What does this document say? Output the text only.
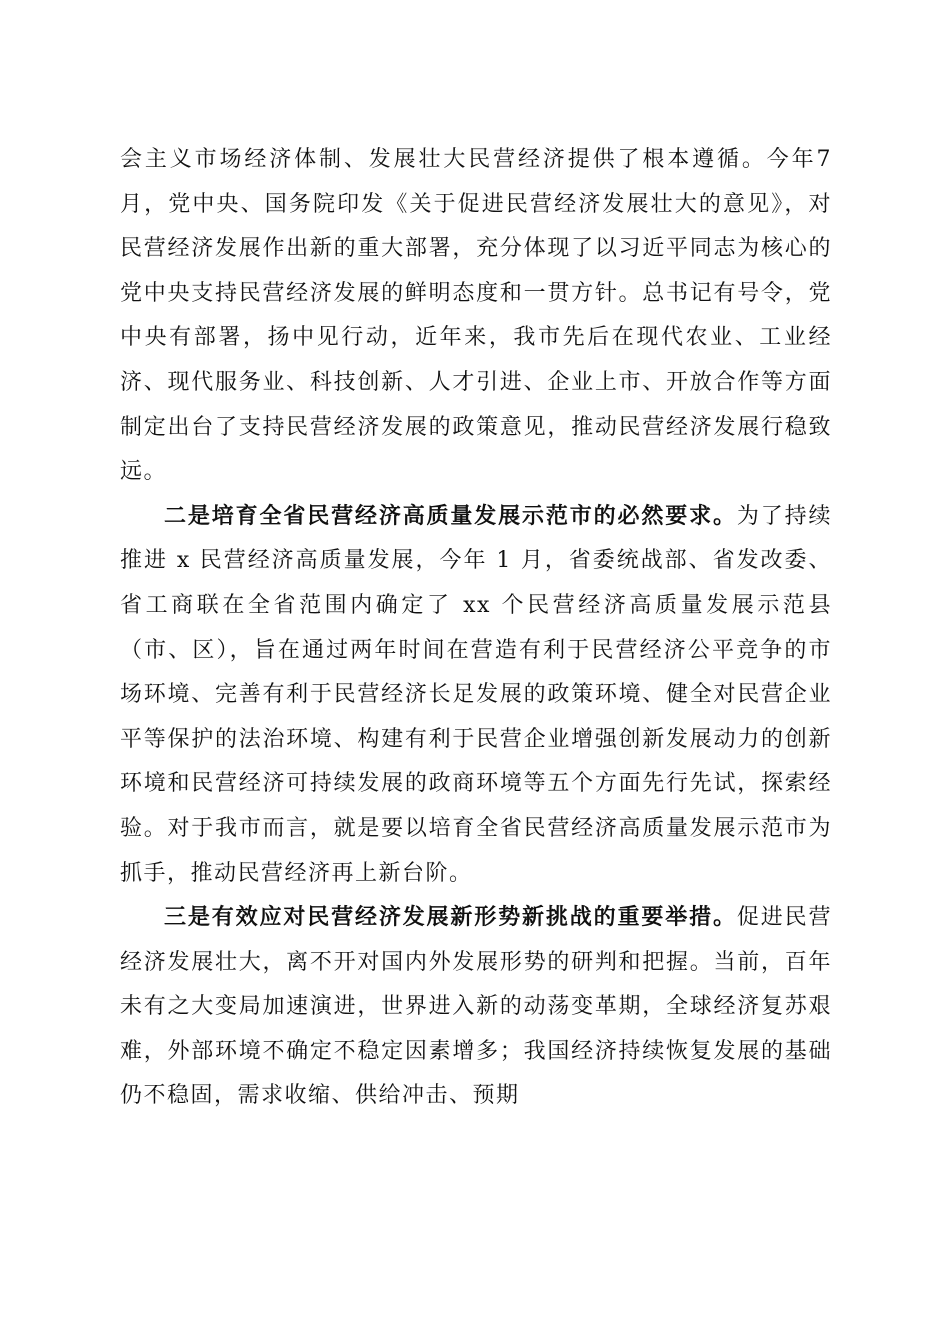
会主义市场经济体制、发展壮大民营经济提供了根本遵循。今年7月，党中央、国务院印发《关于促进民营经济发展壮大的意见》，对民营经济发展作出新的重大部署，充分体现了以习近平同志为核心的党中央支持民营经济发展的鲜明态度和一贯方针。总书记有号令，党中央有部署，扬中见行动，近年来，我市先后在现代农业、工业经济、现代服务业、科技创新、人才引进、企业上市、开放合作等方面制定出台了支持民营经济发展的政策意见，推动民营经济发展行稳致远。

二是培育全省民营经济高质量发展示范市的必然要求。为了持续推进 x 民营经济高质量发展，今年 1 月，省委统战部、省发改委、省工商联在全省范围内确定了 xx 个民营经济高质量发展示范县（市、区），旨在通过两年时间在营造有利于民营经济公平竞争的市场环境、完善有利于民营经济长足发展的政策环境、健全对民营企业平等保护的法治环境、构建有利于民营企业增强创新发展动力的创新环境和民营经济可持续发展的政商环境等五个方面先行先试，探索经验。对于我市而言，就是要以培育全省民营经济高质量发展示范市为抓手，推动民营经济再上新台阶。

三是有效应对民营经济发展新形势新挑战的重要举措。促进民营经济发展壮大，离不开对国内外发展形势的研判和把握。当前，百年未有之大变局加速演进，世界进入新的动荡变革期，全球经济复苏艰难，外部环境不确定不稳定因素增多；我国经济持续恢复发展的基础仍不稳固，需求收缩、供给冲击、预期
